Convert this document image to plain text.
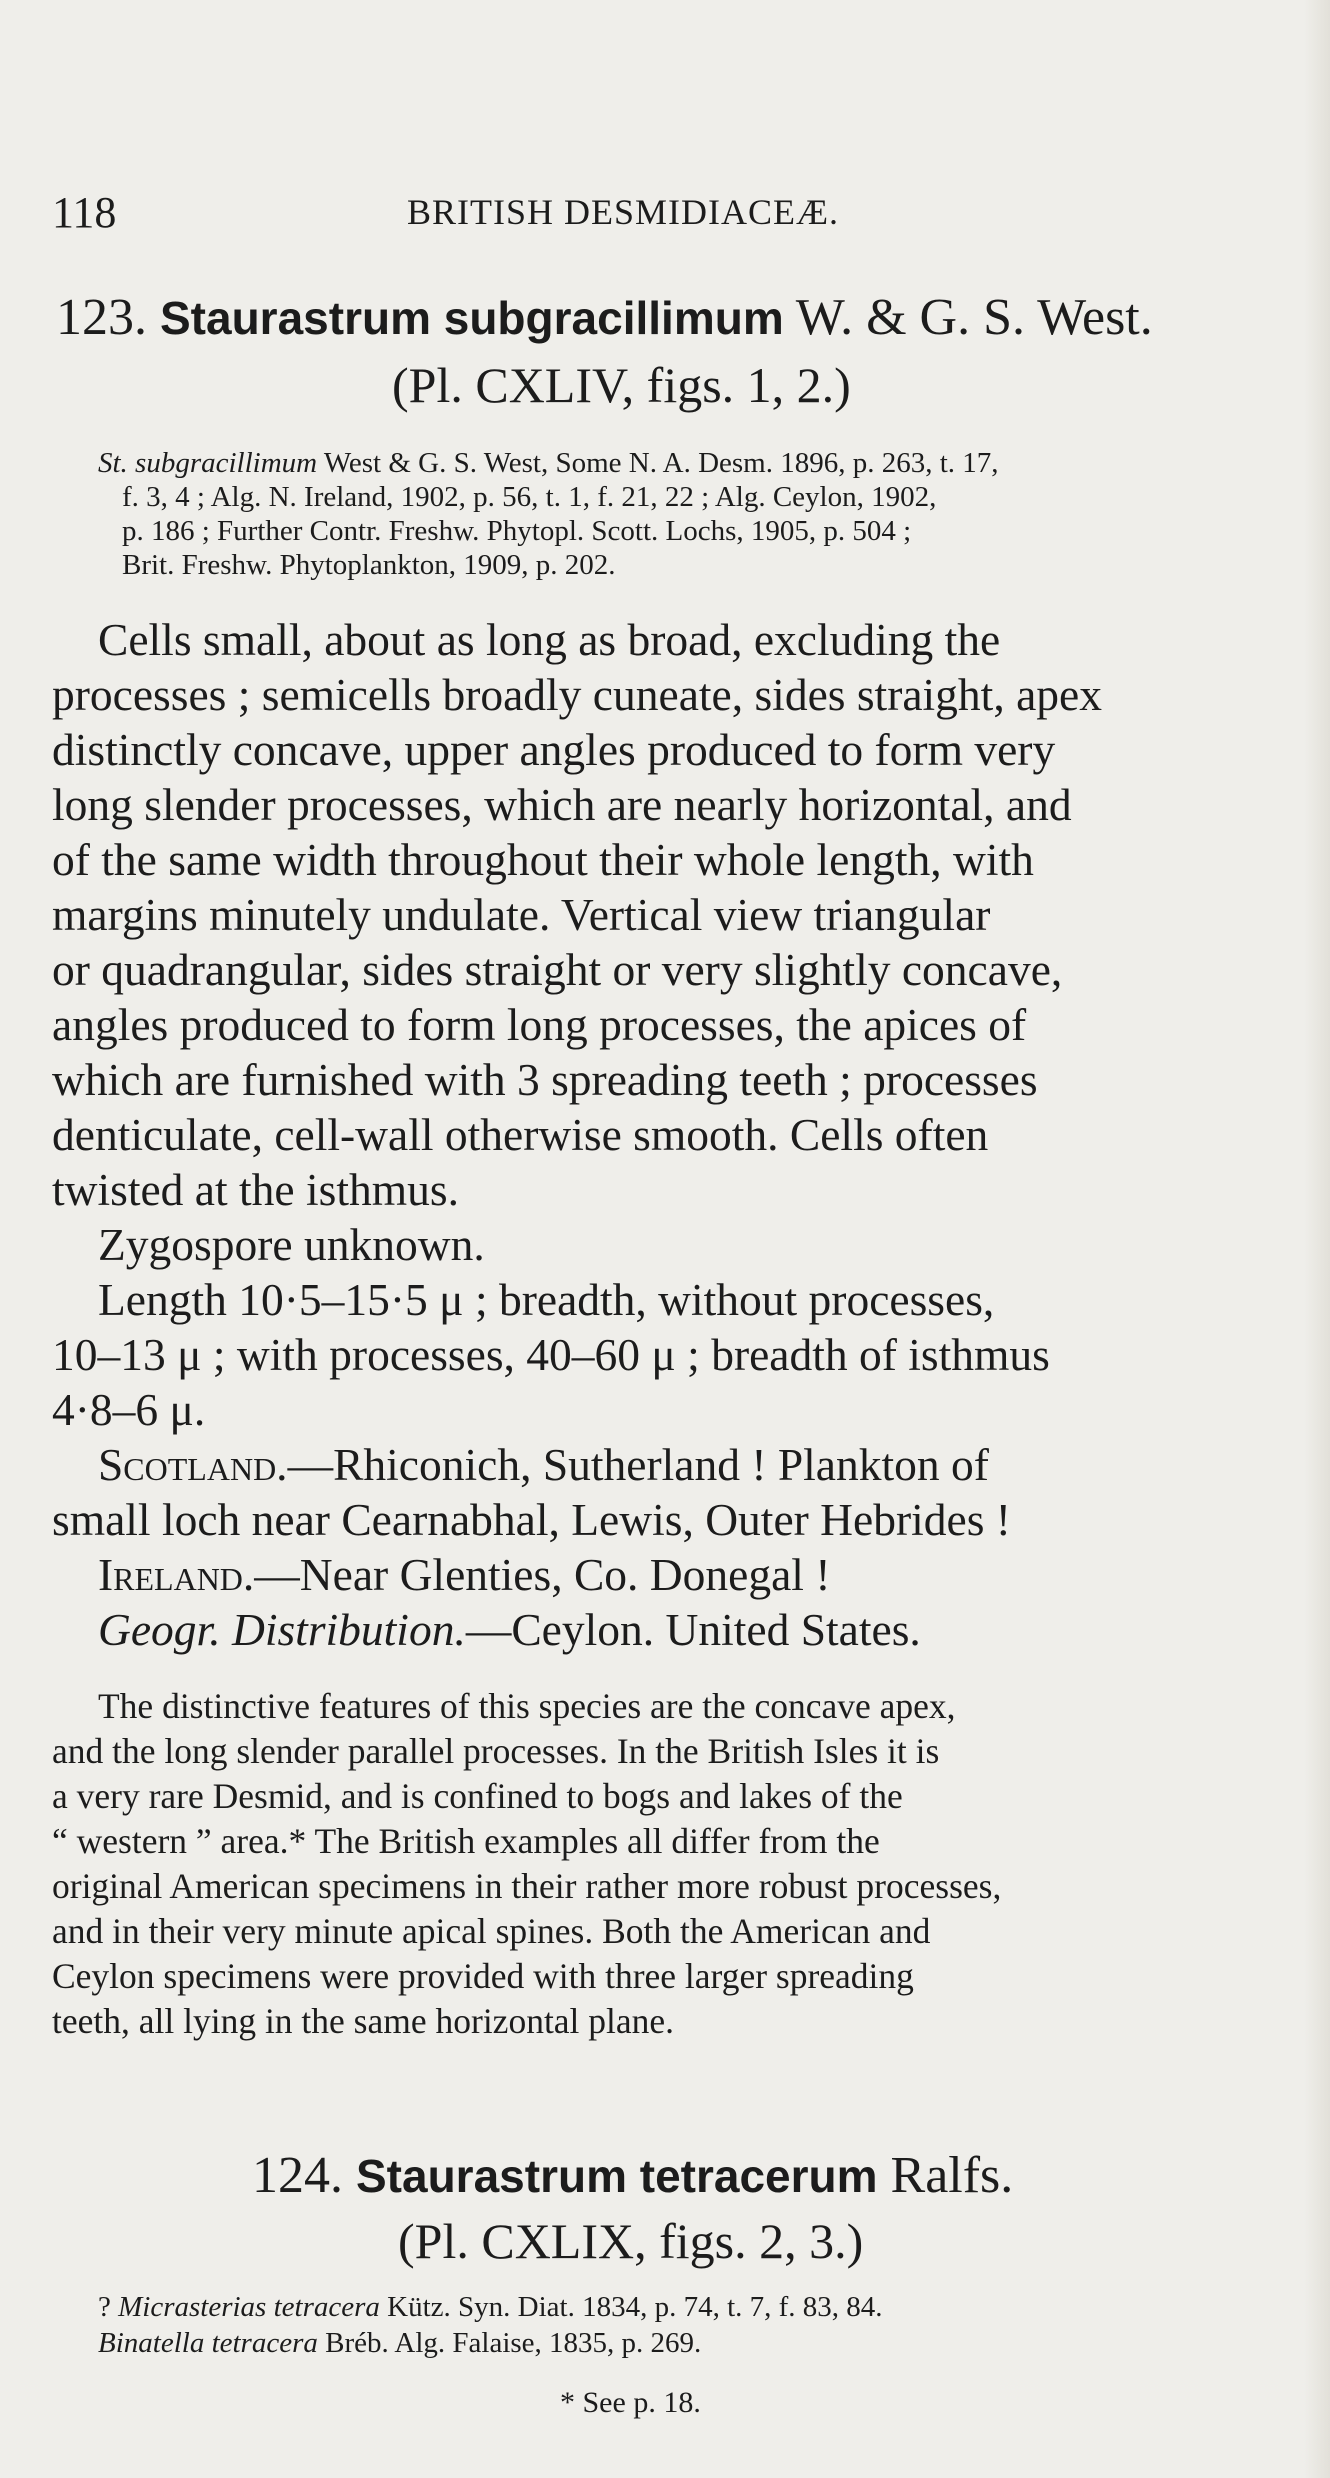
118	BRITISH DESMIDIACEÆ.
123. Staurastrum subgracillimum W. & G. S. West.
(Pl. CXLIV, figs. 1, 2.)
St. subgracillimum West & G. S. West, Some N. A. Desm. 1896, p. 263, t. 17,
f. 3, 4 ; Alg. N. Ireland, 1902, p. 56, t. 1, f. 21, 22 ; Alg. Ceylon, 1902,
p. 186 ; Further Contr. Freshw. Phytopl. Scott. Lochs, 1905, p. 504 ;
Brit. Freshw. Phytoplankton, 1909, p. 202.
Cells small, about as long as broad, excluding the
processes ; semicells broadly cuneate, sides straight, apex
distinctly concave, upper angles produced to form very
long slender processes, which are nearly horizontal, and
of the same width throughout their whole length, with
margins minutely undulate. Vertical view triangular
or quadrangular, sides straight or very slightly concave,
angles produced to form long processes, the apices of
which are furnished with 3 spreading teeth ; processes
denticulate, cell-wall otherwise smooth. Cells often
twisted at the isthmus.
Zygospore unknown.
Length 10·5–15·5 μ ; breadth, without processes,
10–13 μ ; with processes, 40–60 μ ; breadth of isthmus
4·8–6 μ.
Scotland.—Rhiconich, Sutherland ! Plankton of
small loch near Cearnabhal, Lewis, Outer Hebrides !
Ireland.—Near Glenties, Co. Donegal !
Geogr. Distribution.—Ceylon. United States.
The distinctive features of this species are the concave apex,
and the long slender parallel processes. In the British Isles it is
a very rare Desmid, and is confined to bogs and lakes of the
“ western ” area.* The British examples all differ from the
original American specimens in their rather more robust processes,
and in their very minute apical spines. Both the American and
Ceylon specimens were provided with three larger spreading
teeth, all lying in the same horizontal plane.
124. Staurastrum tetracerum Ralfs.
(Pl. CXLIX, figs. 2, 3.)
? Micrasterias tetracera Kütz. Syn. Diat. 1834, p. 74, t. 7, f. 83, 84.
Binatella tetracera Bréb. Alg. Falaise, 1835, p. 269.
* See p. 18.
